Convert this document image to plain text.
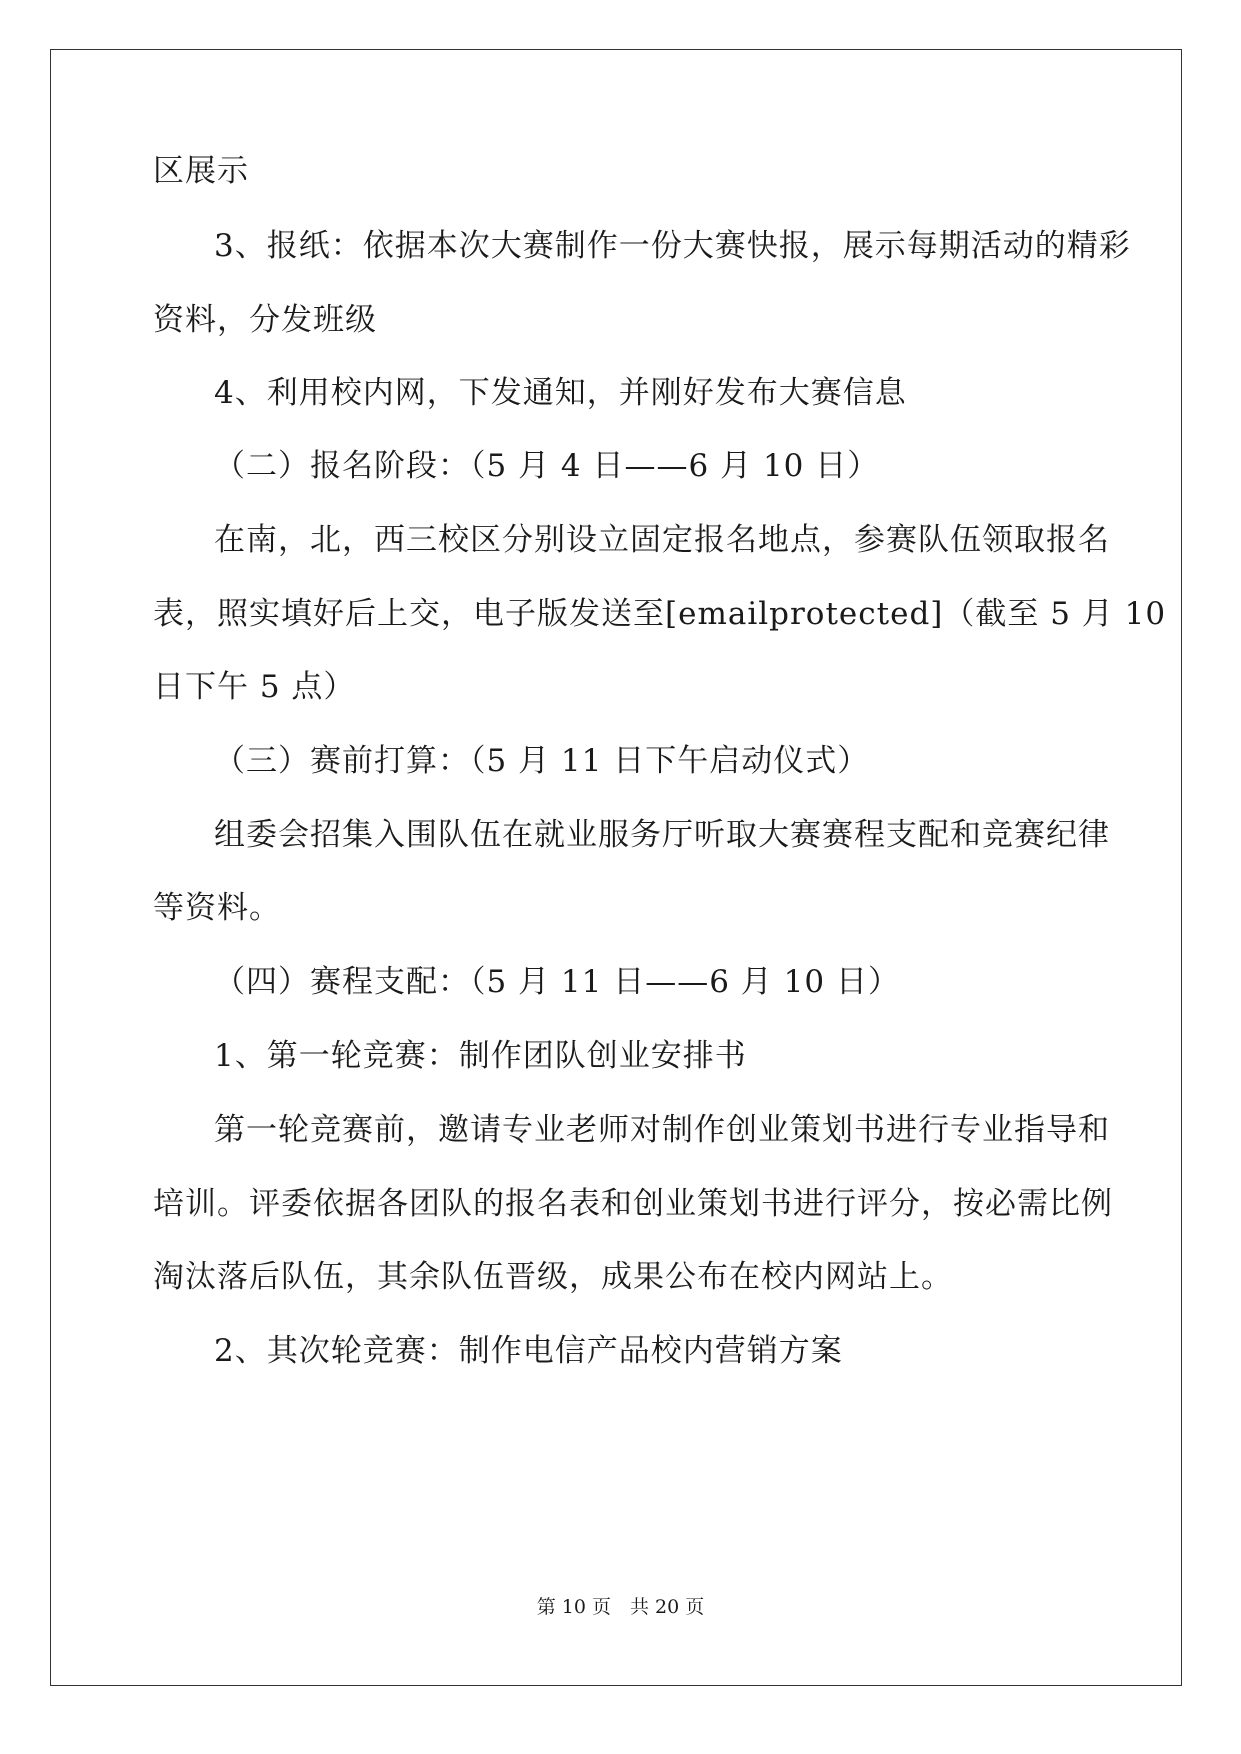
区展示
3、报纸：依据本次大赛制作一份大赛快报，展示每期活动的精彩
资料，分发班级
4、利用校内网，下发通知，并刚好发布大赛信息
（二）报名阶段：（5 月 4 日——6 月 10 日）
在南，北，西三校区分别设立固定报名地点，参赛队伍领取报名
表，照实填好后上交，电子版发送至[emailprotected]（截至 5 月 10
日下午 5 点）
（三）赛前打算：（5 月 11 日下午启动仪式）
组委会招集入围队伍在就业服务厅听取大赛赛程支配和竞赛纪律
等资料。
（四）赛程支配：（5 月 11 日——6 月 10 日）
1、第一轮竞赛：制作团队创业安排书
第一轮竞赛前，邀请专业老师对制作创业策划书进行专业指导和
培训。评委依据各团队的报名表和创业策划书进行评分，按必需比例
淘汰落后队伍，其余队伍晋级，成果公布在校内网站上。
2、其次轮竞赛：制作电信产品校内营销方案
第 10 页　共 20 页
